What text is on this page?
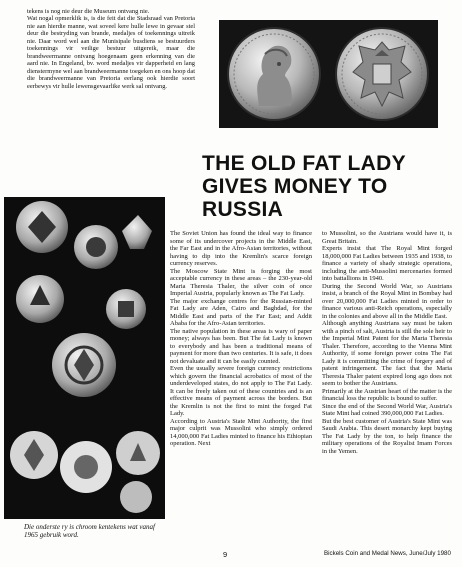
tekens is nog nie deur die Museum ontvang nie.

Wat nogal opmerklik is, is die feit dat die Stadsraad van Pretoria nie aan hierdie manne, wat soveel kere hulle lewe in gevaar stel deur die bestryding van brande, medaljes of toekennings uitreik nie. Daar word wel aan die Munisipale busdiens se bestuurders toekennings vir veilige bestuur uitgereik, maar die brandweermanne ontvang hoegenaam geen erkenning van die aard nie. In Engeland, bv. word medaljes vir dapperheid en lang dienstermyne wel aan brandweermanne toegeken en ons hoop dat die brandweermanne van Pretoria eerlang ook hierdie soort eerbewys vir hulle lewensgevaarlike werk sal ontvang.

THE OLD FAT LADY GIVES MONEY TO RUSSIA

Die onderste ry is chroom kentekens wat vanaf 1965 gebruik word.

The Soviet Union has found the ideal way to finance some of its undercover projects in the Middle East, the Far East and in the Afro-Asian territories, without having to dip into the Kremlin's scarce foreign currency reserves.

The Moscow State Mint is forging the most acceptable currency in these areas – the 230-year-old Maria Theresia Thaler, the silver coin of once Imperial Austria, popularly known as The Fat Lady.

The major exchange centres for the Russian-minted Fat Lady are Aden, Cairo and Baghdad, for the Middle East and parts of the Far East; and Addit Ababa for the Afro-Asian territories.

The native population in these areas is wary of paper money; always has been. But The fat Lady is known to everybody and has been a traditional means of payment for more than two centuries. It is safe, it does not devaluate and it can be easily counted.

Even the usually severe foreign currency restrictions which govern the financial acrobatics of most of the underdeveloped states, do not apply to The Fat Lady. It can be freely taken out of these countries and is an effective means of payment across the borders. But the Kremlin is not the first to mint the forged Fat Lady.

According to Austria's State Mint Authority, the first major culprit was Mussolini who simply ordered 14,000,000 Fat Ladies minted to finance his Ethiopian operation. Next

to Mussolini, so the Austrians would have it, is Great Britain.

Experts insist that The Royal Mint forged 18,000,000 Fat Ladies between 1935 and 1938, to finance a variety of shady strategic operations, including the anti-Mussolini mercenaries formed into battallions in 1940.

During the Second World War, so Austrians insist, a branch of the Royal Mint in Bombay had over 20,000,000 Fat Ladies minted in order to finance various anti-Reich operations, especially in the colonies and above all in the Middle East.

Although anything Austrians say must be taken with a pinch of salt, Austria is still the sole heir to the Imperial Mint Patent for the Maria Theresia Thaler. Therefore, according to the Vienna Mint Authority, if some foreign power coins The Fat Lady it is committing the crime of forgery and of patent infringement. The fact that the Maria Theresia Thaler patent expired long ago does not seem to bother the Austrians.

Primarily at the Austrian heart of the matter is the financial loss the republic is bound to suffer.

Since the end of the Second World War, Austria's State Mint had coined 390,000,000 Fat Ladies.

But the best customer of Austria's State Mint was Saudi Arabia. This desert monarchy kept buying The Fat Lady by the ton, to help finance the military operations of the Royalist Imam Forces in the Yemen.

9	Bickels Coin and Medal News, June/July 1980
